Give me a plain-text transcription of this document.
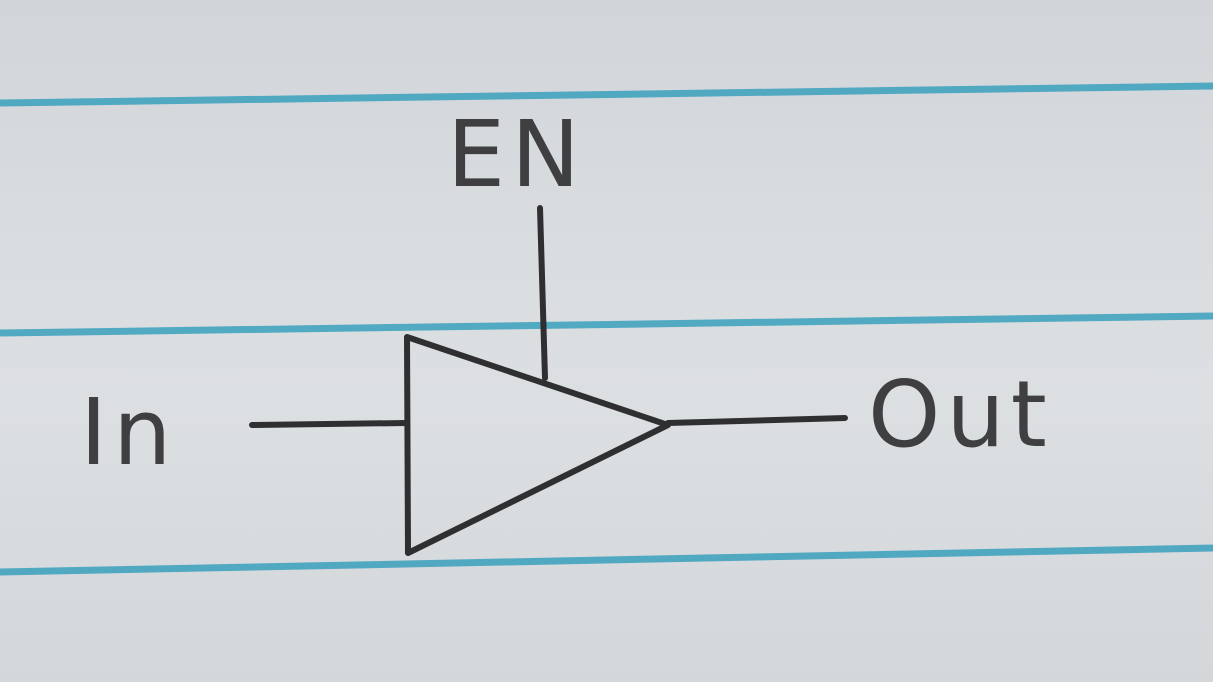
EN
In	Out
